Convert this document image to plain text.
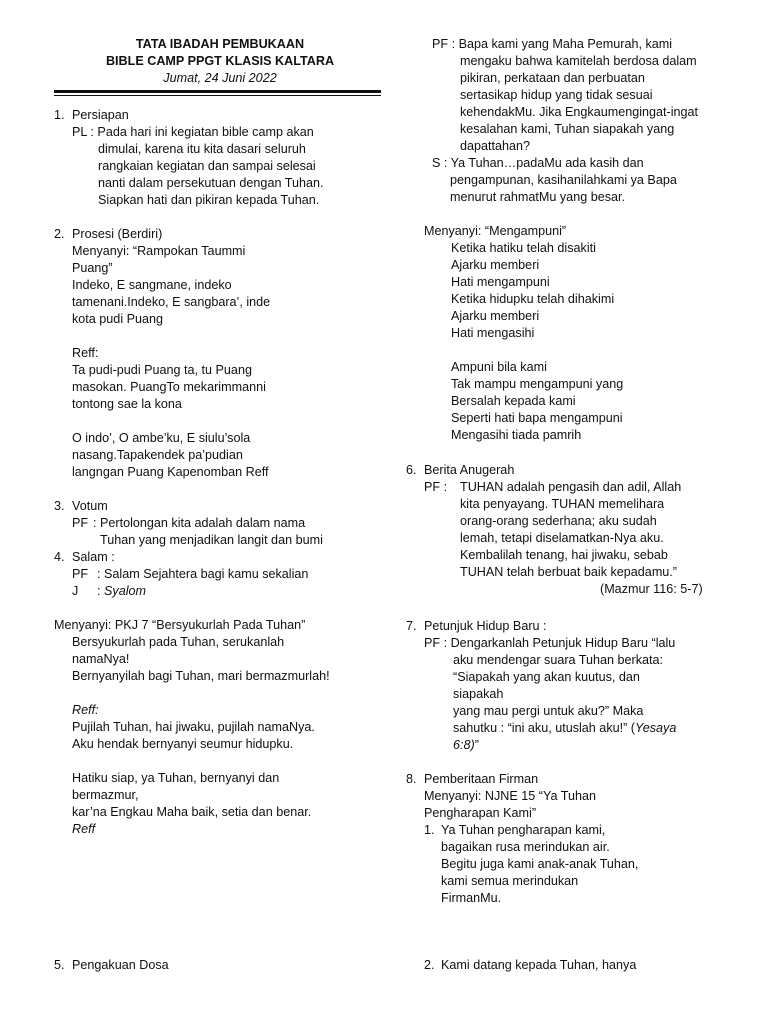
TATA IBADAH PEMBUKAAN
BIBLE CAMP PPGT KLASIS KALTARA
Jumat, 24 Juni 2022
1. Persiapan
PL : Pada hari ini kegiatan bible camp akan
dimulai, karena itu kita dasari seluruh
rangkaian kegiatan dan sampai selesai
nanti dalam persekutuan dengan Tuhan.
Siapkan hati dan pikiran kepada Tuhan.
2. Prosesi (Berdiri)
Menyanyi: “Rampokan Taummi
Puang”
Indeko, E sangmane, indeko
tamenani.Indeko, E sangbara’, inde
kota pudi Puang
Reff:
Ta pudi-pudi Puang ta, tu Puang
masokan. PuangTo mekarimmanni
tontong sae la kona
O indo’, O ambe’ku, E siulu’sola
nasang.Tapakendek pa’pudian
langngan Puang Kapenomban Reff
3. Votum
PF : Pertolongan kita adalah dalam nama
Tuhan yang menjadikan langit dan bumi
4. Salam :
PF : Salam Sejahtera bagi kamu sekalian
J : Syalom
Menyanyi: PKJ 7 “Bersyukurlah Pada Tuhan”
Bersyukurlah pada Tuhan, serukanlah
namaNya!
Bernyanyilah bagi Tuhan, mari bermazmurlah!
Reff:
Pujilah Tuhan, hai jiwaku, pujilah namaNya.
Aku hendak bernyanyi seumur hidupku.
Hatiku siap, ya Tuhan, bernyanyi dan
bermazmur,
kar’na Engkau Maha baik, setia dan benar.
Reff
5. Pengakuan Dosa
PF : Bapa kami yang Maha Pemurah, kami
mengaku bahwa kamitelah berdosa dalam
pikiran, perkataan dan perbuatan
sertasikap hidup yang tidak sesuai
kehendakMu. Jika Engkaumengingat-ingat
kesalahan kami, Tuhan siapakah yang
dapattahan?
S : Ya Tuhan…padaMu ada kasih dan
pengampunan, kasihanilahkami ya Bapa
menurut rahmatMu yang besar.
Menyanyi: “Mengampuni”
Ketika hatiku telah disakiti
Ajarku memberi
Hati mengampuni
Ketika hidupku telah dihakimi
Ajarku memberi
Hati mengasihi
Ampuni bila kami
Tak mampu mengampuni yang
Bersalah kepada kami
Seperti hati bapa mengampuni
Mengasihi tiada pamrih
6. Berita Anugerah
PF : TUHAN adalah pengasih dan adil, Allah
kita penyayang. TUHAN memelihara
orang-orang sederhana; aku sudah
lemah, tetapi diselamatkan-Nya aku.
Kembalilah tenang, hai jiwaku, sebab
TUHAN telah berbuat baik kepadamu.”
(Mazmur 116: 5-7)
7. Petunjuk Hidup Baru :
PF : Dengarkanlah Petunjuk Hidup Baru “lalu
aku mendengar suara Tuhan berkata:
“Siapakah yang akan kuutus, dan
siapakah
yang mau pergi untuk aku?” Maka
sahutku : “ini aku, utuslah aku!” (Yesaya
6:8)”
8. Pemberitaan Firman
Menyanyi: NJNE 15 “Ya Tuhan
Pengharapan Kami”
1. Ya Tuhan pengharapan kami,
bagaikan rusa merindukan air.
Begitu juga kami anak-anak Tuhan,
kami semua merindukan
FirmanMu.
2. Kami datang kepada Tuhan, hanya
